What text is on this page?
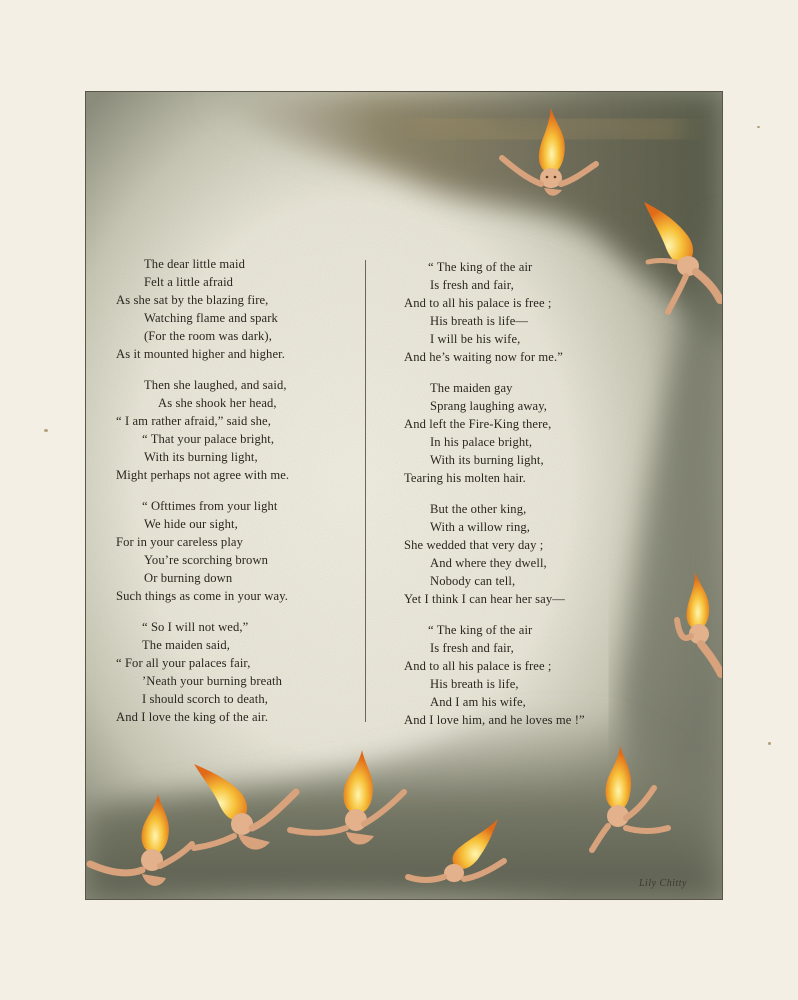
The dear little maid
Felt a little afraid
As she sat by the blazing fire,
Watching flame and spark
(For the room was dark),
As it mounted higher and higher.
Then she laughed, and said,
As she shook her head,
“ I am rather afraid,” said she,
“ That your palace bright,
With its burning light,
Might perhaps not agree with me.
“ Ofttimes from your light
We hide our sight,
For in your careless play
You’re scorching brown
Or burning down
Such things as come in your way.
“ So I will not wed,”
The maiden said,
“ For all your palaces fair,
’Neath your burning breath
I should scorch to death,
And I love the king of the air.
“ The king of the air
Is fresh and fair,
And to all his palace is free ;
His breath is life—
I will be his wife,
And he’s waiting now for me.”
The maiden gay
Sprang laughing away,
And left the Fire-King there,
In his palace bright,
With its burning light,
Tearing his molten hair.
But the other king,
With a willow ring,
She wedded that very day ;
And where they dwell,
Nobody can tell,
Yet I think I can hear her say—
“ The king of the air
Is fresh and fair,
And to all his palace is free ;
His breath is life,
And I am his wife,
And I love him, and he loves me !”
Lily Chitty
